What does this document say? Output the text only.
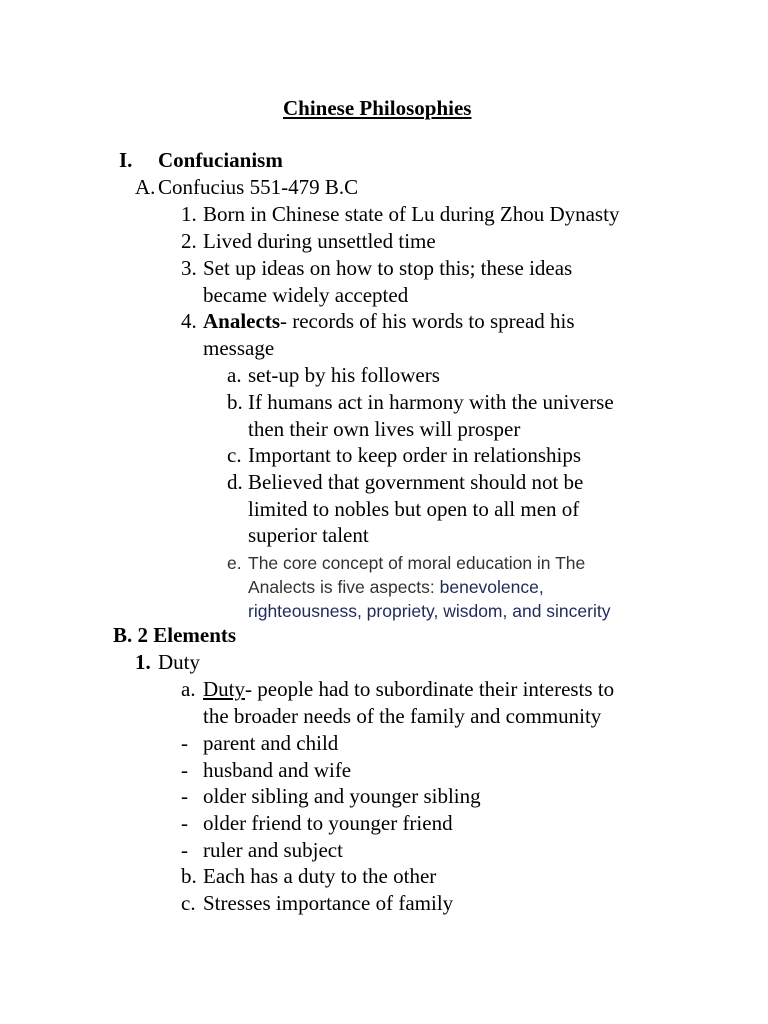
Chinese Philosophies
I. Confucianism
A. Confucius 551-479 B.C
1. Born in Chinese state of Lu during Zhou Dynasty
2. Lived during unsettled time
3. Set up ideas on how to stop this; these ideas
became widely accepted
4. Analects- records of his words to spread his
message
a. set-up by his followers
b. If humans act in harmony with the universe
then their own lives will prosper
c. Important to keep order in relationships
d. Believed that government should not be
limited to nobles but open to all men of
superior talent
e. The core concept of moral education in The
Analects is five aspects: benevolence,
righteousness, propriety, wisdom, and sincerity
B. 2 Elements
1. Duty
a. Duty- people had to subordinate their interests to
the broader needs of the family and community
- parent and child
- husband and wife
- older sibling and younger sibling
- older friend to younger friend
- ruler and subject
b. Each has a duty to the other
c. Stresses importance of family
